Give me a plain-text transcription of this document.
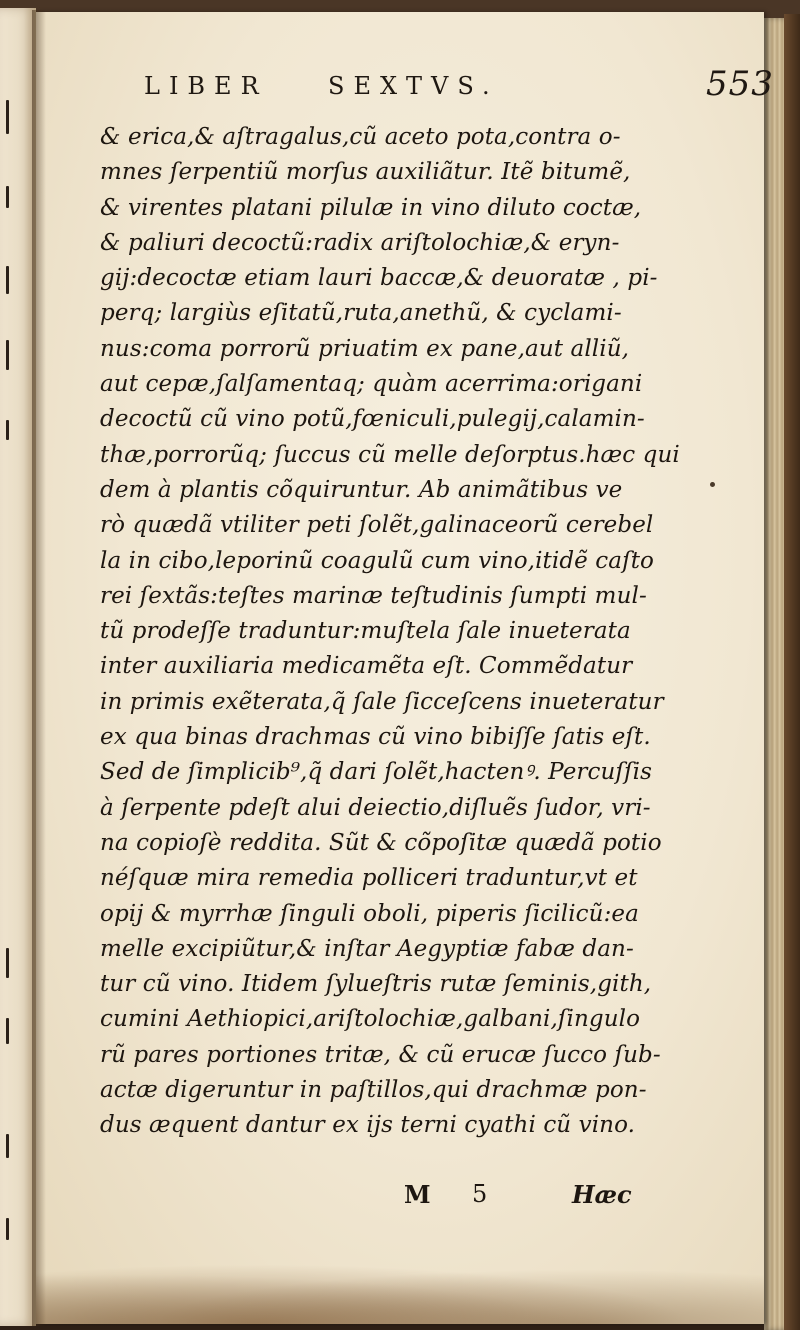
LIBER	SEXTVS.	553
& erica,& aſtragalus,cũ aceto pota,contra o-
mnes ſerpentiũ morſus auxiliãtur. Itẽ bitumẽ,
& virentes platani pilulæ in vino diluto coctæ,
& paliuri decoctũ:radix ariſtolochiæ,& eryn-
gij:decoctæ etiam lauri baccæ,& deuoratæ , pi-
perq; largiùs eſitatũ,ruta,anethũ, & cyclami-
nus:coma porrorũ priuatim ex pane,aut alliũ,
aut cepæ,ſalſamentaq; quàm acerrima:origani
decoctũ cũ vino potũ,fœniculi,pulegij,calamin-
thæ,porrorũq; ſuccus cũ melle deſorptus.hæc qui
dem à plantis cõquiruntur. Ab animãtibus ve
rò quædã vtiliter peti ſolẽt,galinaceorũ cerebel
la in cibo,leporinũ coagulũ cum vino,itidẽ caſto
rei ſextãs:teſtes marinæ teſtudinis ſumpti mul-
tũ prodeſſe traduntur:muſtela ſale inueterata
inter auxiliaria medicamẽta eſt. Commẽdatur
in primis exẽterata,q̃ ſale ſicceſcens inueteratur
ex qua binas drachmas cũ vino bibiſſe ſatis eſt.
Sed de ſimplicib⁹,q̃ dari ſolẽt,hactenꝰ. Percuſſis
à ſerpente pdeſt alui deiectio,diſluẽs ſudor, vri-
na copioſè reddita. Sũt & cõpoſitæ quædã potio
néſquæ mira remedia polliceri traduntur,vt et
opij & myrrhæ ſinguli oboli, piperis ſicilicũ:ea
melle excipiũtur,& inſtar Aegyptiæ fabæ dan-
tur cũ vino. Itidem ſylueſtris rutæ ſeminis,gith,
cumini Aethiopici,ariſtolochiæ,galbani,ſingulo
rũ pares portiones tritæ, & cũ erucæ ſucco ſub-
actæ digeruntur in paſtillos,qui drachmæ pon-
dus æquent dantur ex ijs terni cyathi cũ vino.
M 5	Hæc
